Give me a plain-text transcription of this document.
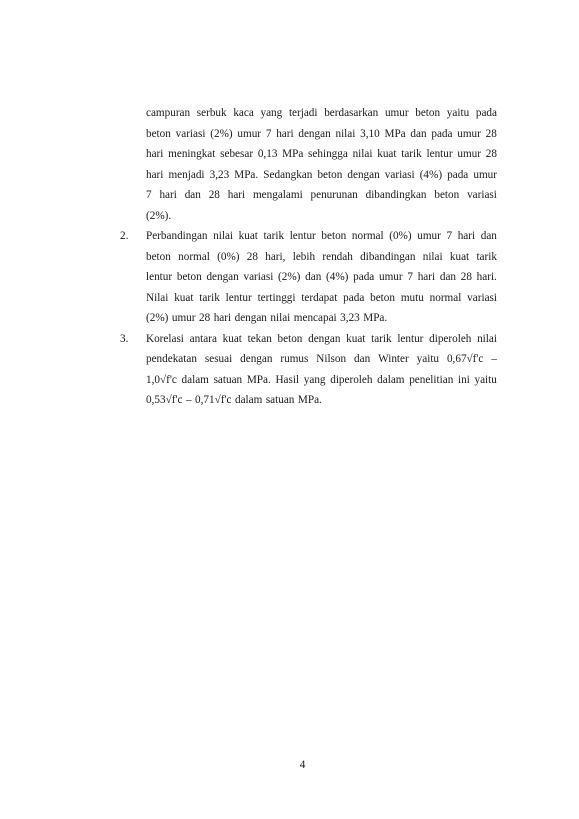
campuran serbuk kaca yang terjadi berdasarkan umur beton yaitu pada
beton variasi (2%) umur 7 hari dengan nilai 3,10 MPa dan pada umur 28
hari meningkat sebesar 0,13 MPa sehingga nilai kuat tarik lentur umur 28
hari menjadi 3,23 MPa. Sedangkan beton dengan variasi (4%) pada umur
7 hari dan 28 hari mengalami penurunan dibandingkan beton variasi
(2%).
2. Perbandingan nilai kuat tarik lentur beton normal (0%) umur 7 hari dan
beton normal (0%) 28 hari, lebih rendah dibandingan nilai kuat tarik
lentur beton dengan variasi (2%) dan (4%) pada umur 7 hari dan 28 hari.
Nilai kuat tarik lentur tertinggi terdapat pada beton mutu normal variasi
(2%) umur 28 hari dengan nilai mencapai 3,23 MPa.
3. Korelasi antara kuat tekan beton dengan kuat tarik lentur diperoleh nilai
pendekatan sesuai dengan rumus Nilson dan Winter yaitu 0,67√f'c –
1,0√f'c dalam satuan MPa. Hasil yang diperoleh dalam penelitian ini yaitu
0,53√f'c – 0,71√f'c dalam satuan MPa.
4
